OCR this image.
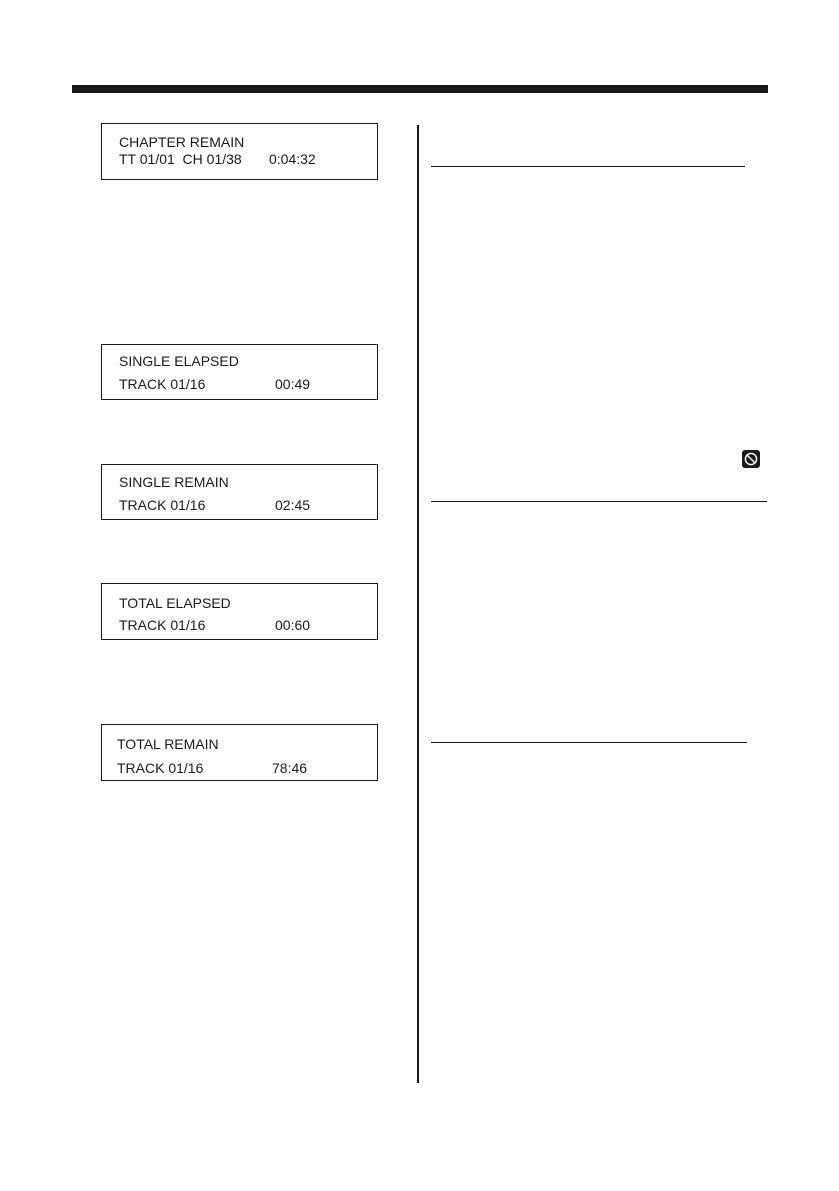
CHAPTER REMAIN
TT 01/01  CH 01/38 0:04:32
SINGLE ELAPSED
TRACK 01/16	00:49
SINGLE REMAIN
TRACK 01/16	02:45
TOTAL ELAPSED
TRACK 01/16	00:60
TOTAL REMAIN
TRACK 01/16	78:46
